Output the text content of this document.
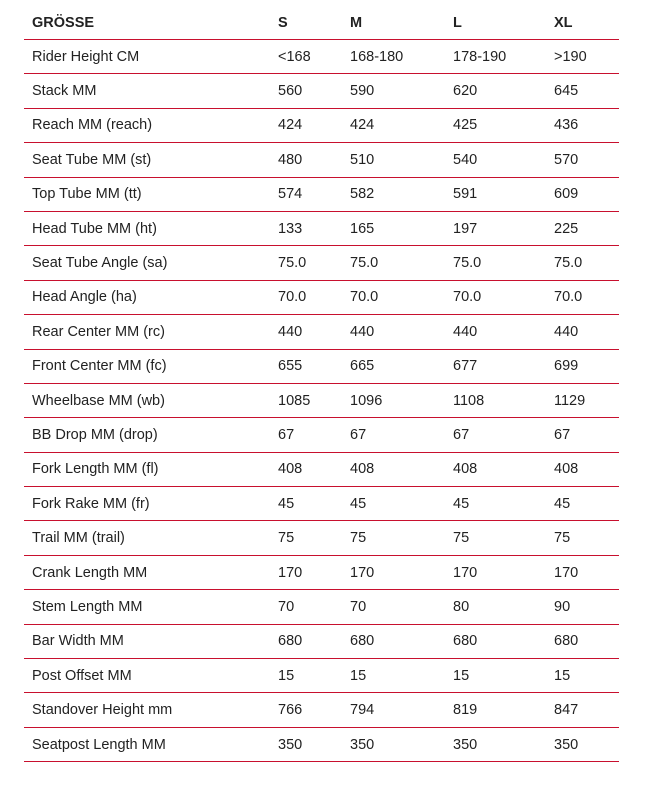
GRÖSSE	S	M	L	XL
Rider Height CM	<168	168-180	178-190	>190
Stack MM	560	590	620	645
Reach MM (reach)	424	424	425	436
Seat Tube MM (st)	480	510	540	570
Top Tube MM (tt)	574	582	591	609
Head Tube MM (ht)	133	165	197	225
Seat Tube Angle (sa)	75.0	75.0	75.0	75.0
Head Angle (ha)	70.0	70.0	70.0	70.0
Rear Center MM (rc)	440	440	440	440
Front Center MM (fc)	655	665	677	699
Wheelbase MM (wb)	1085	1096	1108	1129
BB Drop MM (drop)	67	67	67	67
Fork Length MM (fl)	408	408	408	408
Fork Rake MM (fr)	45	45	45	45
Trail MM (trail)	75	75	75	75
Crank Length MM	170	170	170	170
Stem Length MM	70	70	80	90
Bar Width MM	680	680	680	680
Post Offset MM	15	15	15	15
Standover Height mm	766	794	819	847
Seatpost Length MM	350	350	350	350
